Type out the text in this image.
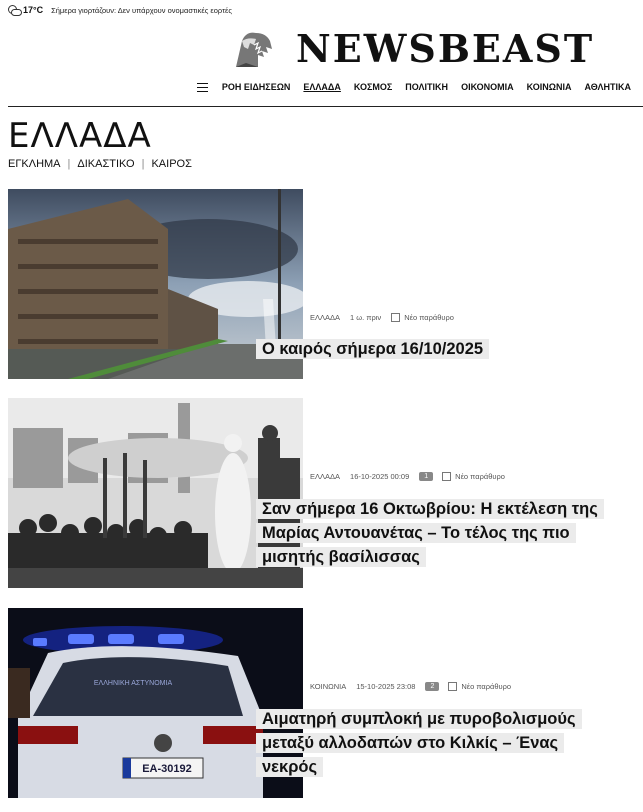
17°C Σήμερα γιορτάζουν: Δεν υπάρχουν ονομαστικές εορτές
NEWSBEAST
ΡΟΗ ΕΙΔΗΣΕΩΝ ΕΛΛΑΔΑ ΚΟΣΜΟΣ ΠΟΛΙΤΙΚΗ ΟΙΚΟΝΟΜΙΑ ΚΟΙΝΩΝΙΑ ΑΘΛΗΤΙΚΑ
ΕΛΛΑΔΑ
ΕΓΚΛΗΜΑ | ΔΙΚΑΣΤΙΚΟ | ΚΑΙΡΟΣ
ΕΛΛΑΔΑ 1 ω. πριν	Νέο παράθυρο
Ο καιρός σήμερα 16/10/2025
ΕΛΛΑΔΑ 16-10-2025 00:09	1	Νέο παράθυρο
Σαν σήμερα 16 Οκτωβρίου: Η εκτέλεση της Μαρίας Αντουανέτας – Το τέλος της πιο μισητής βασίλισσας
ΕΛΛΗΝΙΚΗ ΑΣΤΥΝΟΜΙΑ
ΕΑ-30192
ΚΟΙΝΩΝΙΑ 15-10-2025 23:08	2	Νέο παράθυρο
Αιματηρή συμπλοκή με πυροβολισμούς μεταξύ αλλοδαπών στο Κιλκίς – Ένας νεκρός
